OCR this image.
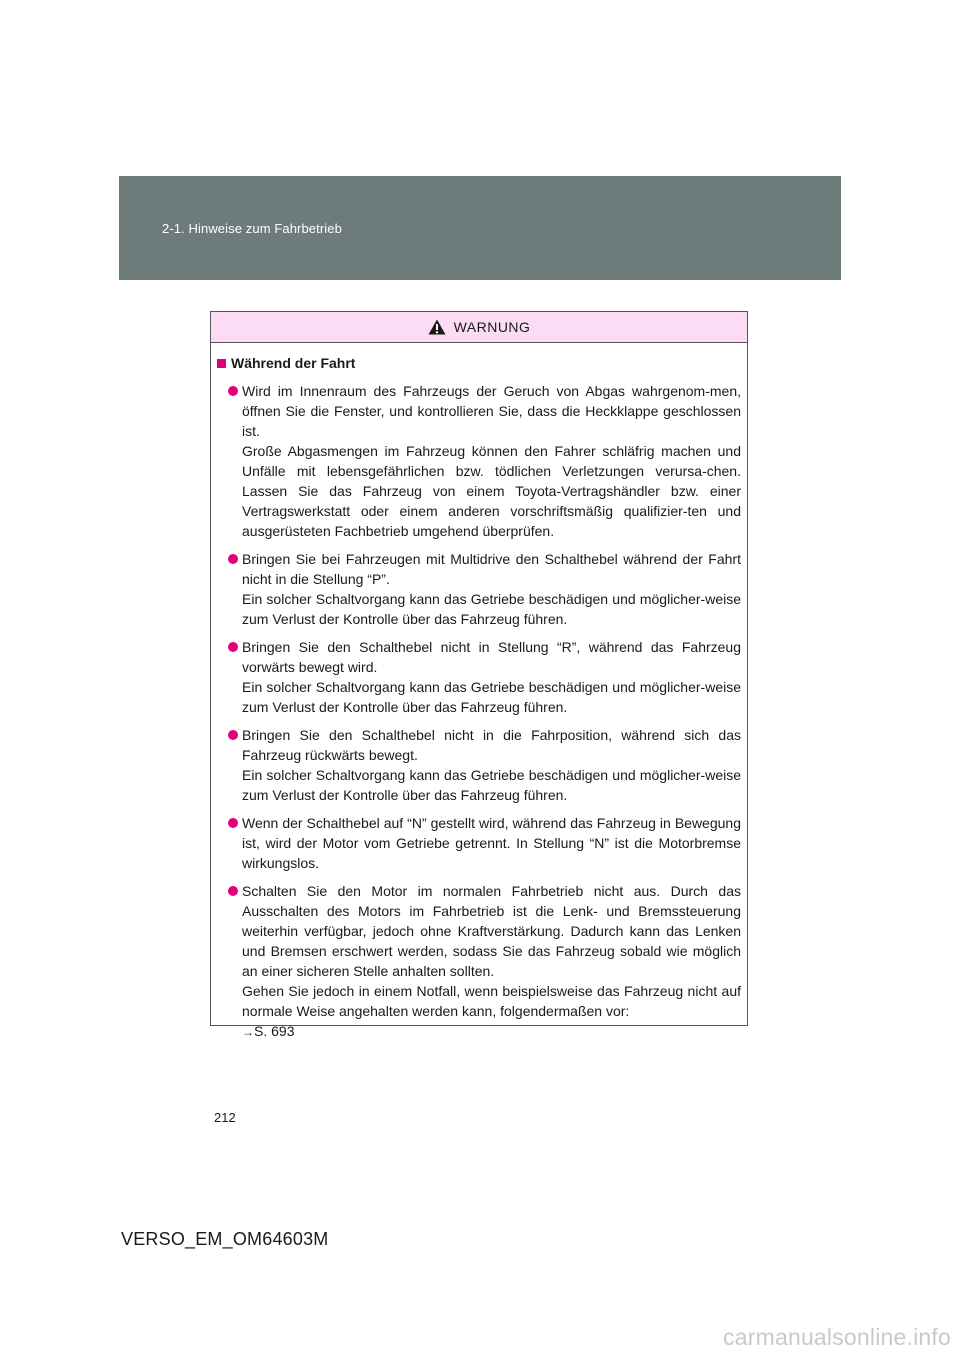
2-1. Hinweise zum Fahrbetrieb
WARNUNG
Während der Fahrt

Wird im Innenraum des Fahrzeugs der Geruch von Abgas wahrgenom-men, öffnen Sie die Fenster, und kontrollieren Sie, dass die Heckklappe geschlossen ist.

Große Abgasmengen im Fahrzeug können den Fahrer schläfrig machen und Unfälle mit lebensgefährlichen bzw. tödlichen Verletzungen verursa-chen. Lassen Sie das Fahrzeug von einem Toyota-Vertragshändler bzw. einer Vertragswerkstatt oder einem anderen vorschriftsmäßig qualifizier-ten und ausgerüsteten Fachbetrieb umgehend überprüfen.

Bringen Sie bei Fahrzeugen mit Multidrive den Schalthebel während der Fahrt nicht in die Stellung “P”.

Ein solcher Schaltvorgang kann das Getriebe beschädigen und möglicher-weise zum Verlust der Kontrolle über das Fahrzeug führen.

Bringen Sie den Schalthebel nicht in Stellung “R”, während das Fahrzeug vorwärts bewegt wird.

Ein solcher Schaltvorgang kann das Getriebe beschädigen und möglicher-weise zum Verlust der Kontrolle über das Fahrzeug führen.

Bringen Sie den Schalthebel nicht in die Fahrposition, während sich das Fahrzeug rückwärts bewegt.

Ein solcher Schaltvorgang kann das Getriebe beschädigen und möglicher-weise zum Verlust der Kontrolle über das Fahrzeug führen.

Wenn der Schalthebel auf “N” gestellt wird, während das Fahrzeug in Bewegung ist, wird der Motor vom Getriebe getrennt. In Stellung “N” ist die Motorbremse wirkungslos.

Schalten Sie den Motor im normalen Fahrbetrieb nicht aus. Durch das Ausschalten des Motors im Fahrbetrieb ist die Lenk- und Bremssteuerung weiterhin verfügbar, jedoch ohne Kraftverstärkung. Dadurch kann das Lenken und Bremsen erschwert werden, sodass Sie das Fahrzeug sobald wie möglich an einer sicheren Stelle anhalten sollten.

Gehen Sie jedoch in einem Notfall, wenn beispielsweise das Fahrzeug nicht auf normale Weise angehalten werden kann, folgendermaßen vor:

→S. 693

212
VERSO_EM_OM64603M
carmanualsonline.info
